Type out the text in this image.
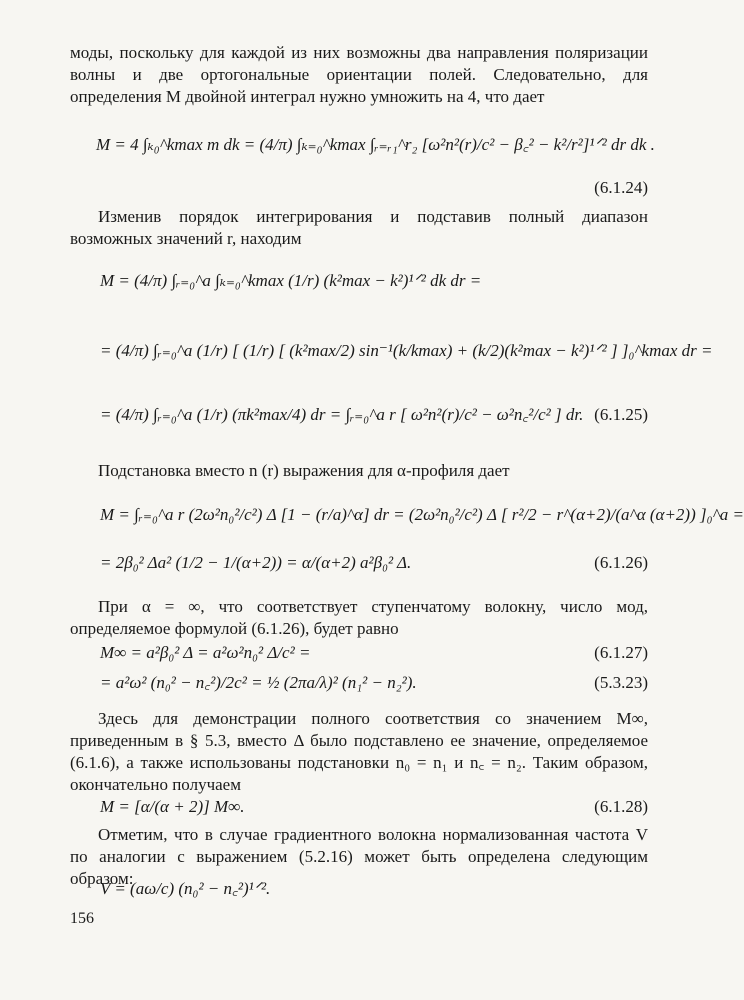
моды, поскольку для каждой из них возможны два направления поляризации волны и две ортогональные ориентации полей. Следовательно, для определения M двойной интеграл нужно умножить на 4, что дает

M = 4 ∫ₖ₀^kmax m dk = (4/π) ∫ₖ₌₀^kmax ∫ᵣ₌ᵣ₁^r₂ [ω²n²(r)/c² − β꜀² − k²/r²]¹ᐟ² dr dk .
(6.1.24)

Изменив порядок интегрирования и подставив полный диапазон возможных значений r, находим

M = (4/π) ∫ᵣ₌₀^a ∫ₖ₌₀^kmax (1/r) (k²max − k²)¹ᐟ² dk dr =
= (4/π) ∫ᵣ₌₀^a (1/r) [ (1/r) [ (k²max/2) sin⁻¹(k/kmax) + (k/2)(k²max − k²)¹ᐟ² ] ]₀^kmax dr =
= (4/π) ∫ᵣ₌₀^a (1/r) (πk²max/4) dr = ∫ᵣ₌₀^a r [ ω²n²(r)/c² − ω²n꜀²/c² ] dr. (6.1.25)

Подстановка вместо n (r) выражения для α-профиля дает

M = ∫ᵣ₌₀^a r (2ω²n₀²/c²) Δ [1 − (r/a)^α] dr = (2ω²n₀²/c²) Δ [ r²/2 − r^(α+2)/(a^α (α+2)) ]₀^a =
= 2β₀² Δa² (1/2 − 1/(α+2)) = α/(α+2) a²β₀² Δ.	(6.1.26)

При α = ∞, что соответствует ступенчатому волокну, число мод, определяемое формулой (6.1.26), будет равно

M∞ = a²β₀² Δ = a²ω²n₀² Δ/c² =	(6.1.27)
= a²ω² (n₀² − n꜀²)/2c² = ½ (2πa/λ)² (n₁² − n₂²).	(5.3.23)

Здесь для демонстрации полного соответствия со значением M∞, приведенным в § 5.3, вместо Δ было подставлено ее значение, определяемое (6.1.6), а также использованы подстановки n₀ = n₁ и n꜀ = n₂. Таким образом, окончательно получаем

M = [α/(α + 2)] M∞.	(6.1.28)

Отметим, что в случае градиентного волокна нормализованная частота V по аналогии с выражением (5.2.16) может быть определена следующим образом:

V = (aω/c) (n₀² − n꜀²)¹ᐟ².
156
